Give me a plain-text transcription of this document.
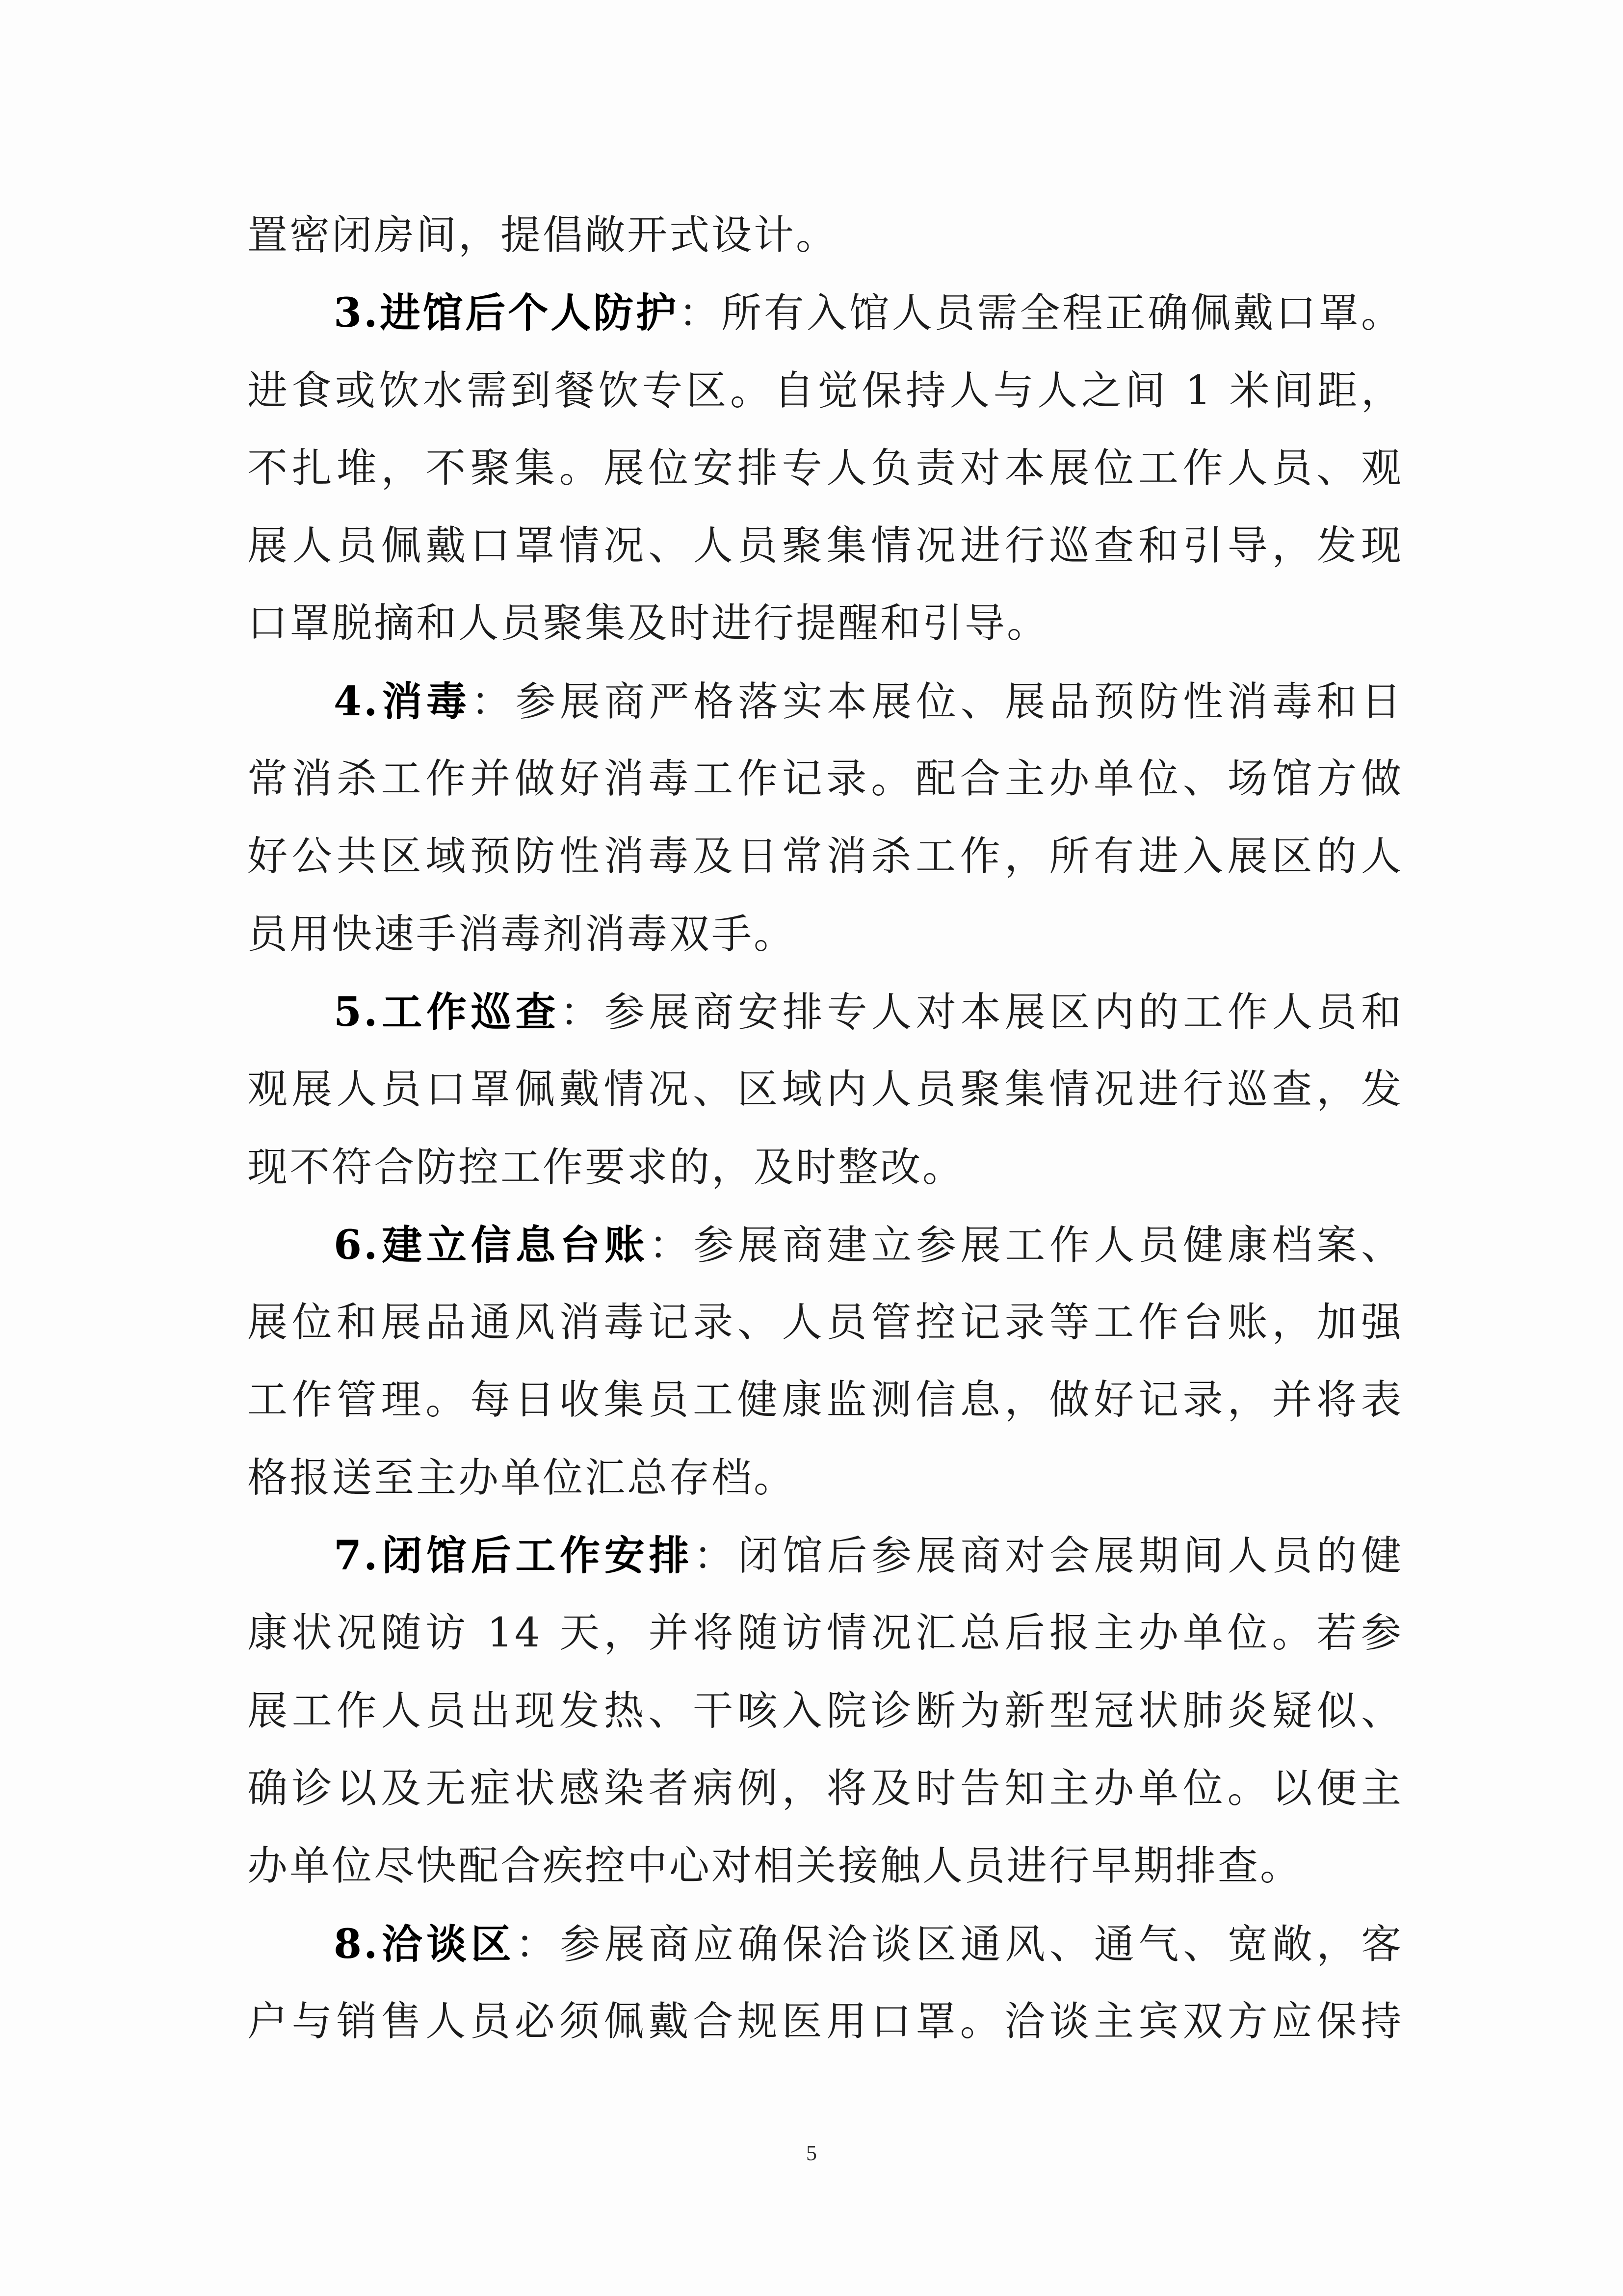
置密闭房间，提倡敞开式设计。
3.进馆后个人防护：所有入馆人员需全程正确佩戴口罩。
进食或饮水需到餐饮专区。自觉保持人与人之间 1 米间距，
不扎堆，不聚集。展位安排专人负责对本展位工作人员、观
展人员佩戴口罩情况、人员聚集情况进行巡查和引导，发现
口罩脱摘和人员聚集及时进行提醒和引导。
4.消毒：参展商严格落实本展位、展品预防性消毒和日
常消杀工作并做好消毒工作记录。配合主办单位、场馆方做
好公共区域预防性消毒及日常消杀工作，所有进入展区的人
员用快速手消毒剂消毒双手。
5.工作巡查：参展商安排专人对本展区内的工作人员和
观展人员口罩佩戴情况、区域内人员聚集情况进行巡查，发
现不符合防控工作要求的，及时整改。
6.建立信息台账：参展商建立参展工作人员健康档案、
展位和展品通风消毒记录、人员管控记录等工作台账，加强
工作管理。每日收集员工健康监测信息，做好记录，并将表
格报送至主办单位汇总存档。
7.闭馆后工作安排：闭馆后参展商对会展期间人员的健
康状况随访 14 天，并将随访情况汇总后报主办单位。若参
展工作人员出现发热、干咳入院诊断为新型冠状肺炎疑似、
确诊以及无症状感染者病例，将及时告知主办单位。以便主
办单位尽快配合疾控中心对相关接触人员进行早期排查。
8.洽谈区：参展商应确保洽谈区通风、通气、宽敞，客
户与销售人员必须佩戴合规医用口罩。洽谈主宾双方应保持
5
